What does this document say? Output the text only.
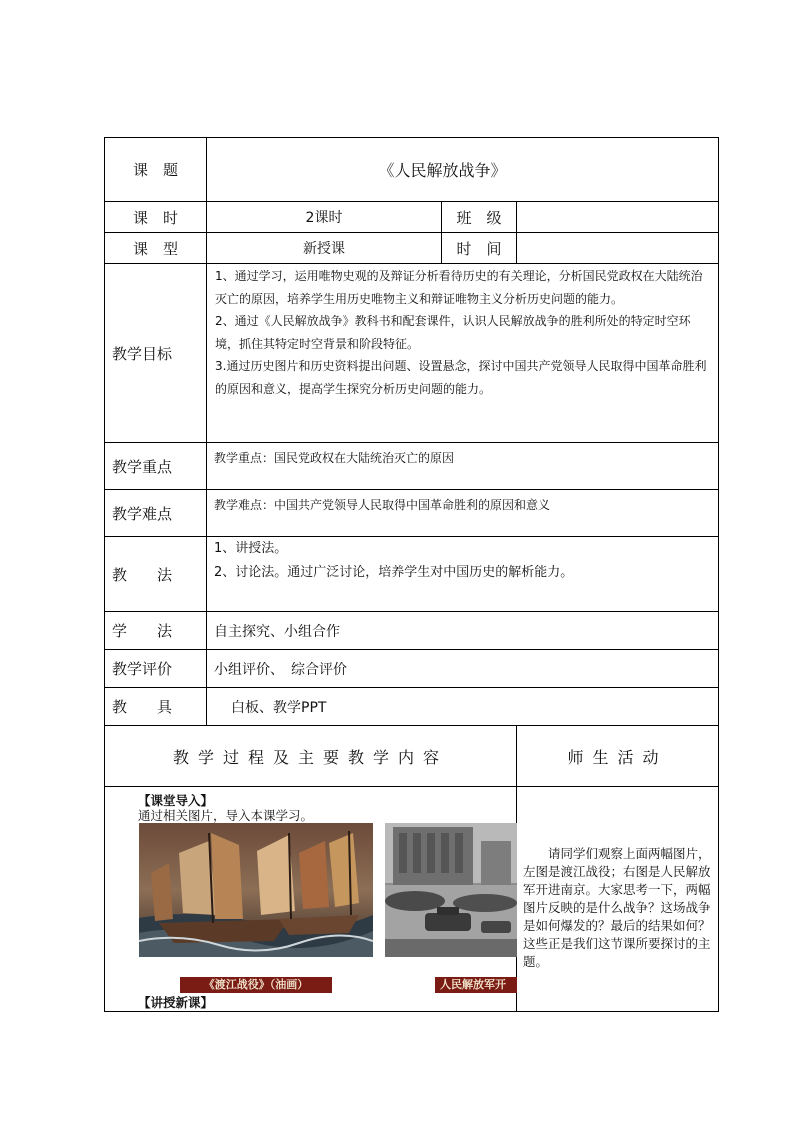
课　题	《人民解放战争》		
课　时	2课时	班　级	
课　型	新授课	时　间	
教学目标	1、通过学习，运用唯物史观的及辩证分析看待历史的有关理论，分析国民党政权在大陆统治灭亡的原因，培养学生用历史唯物主义和辩证唯物主义分析历史问题的能力。

2、通过《人民解放战争》教科书和配套课件，认识人民解放战争的胜利所处的特定时空环境，抓住其特定时空背景和阶段特征。

3.通过历史图片和历史资料提出问题、设置悬念，探讨中国共产党领导人民取得中国革命胜利的原因和意义，提高学生探究分析历史问题的能力。		

教学重点	教学重点：国民党政权在大陆统治灭亡的原因		
教学难点	教学难点：中国共产党领导人民取得中国革命胜利的原因和意义		
教　　法	1、讲授法。

2、讨论法。通过广泛讨论，培养学生对中国历史的解析能力。		

学　　法	自主探究、小组合作		
教学评价	小组评价、　综合评价		
教　　具	白板、教学PPT		
教学过程及主要教学内容			师生活动

【课堂导入】
通过相关图片，导入本课学习。
《渡江战役》（油画） 人民解放军开
【讲授新课】			请同学们观察上面两幅图片，左图是渡江战役；右图是人民解放军开进南京。大家思考一下，两幅图片反映的是什么战争？这场战争是如何爆发的？最后的结果如何？这些正是我们这节课所要探讨的主题。
